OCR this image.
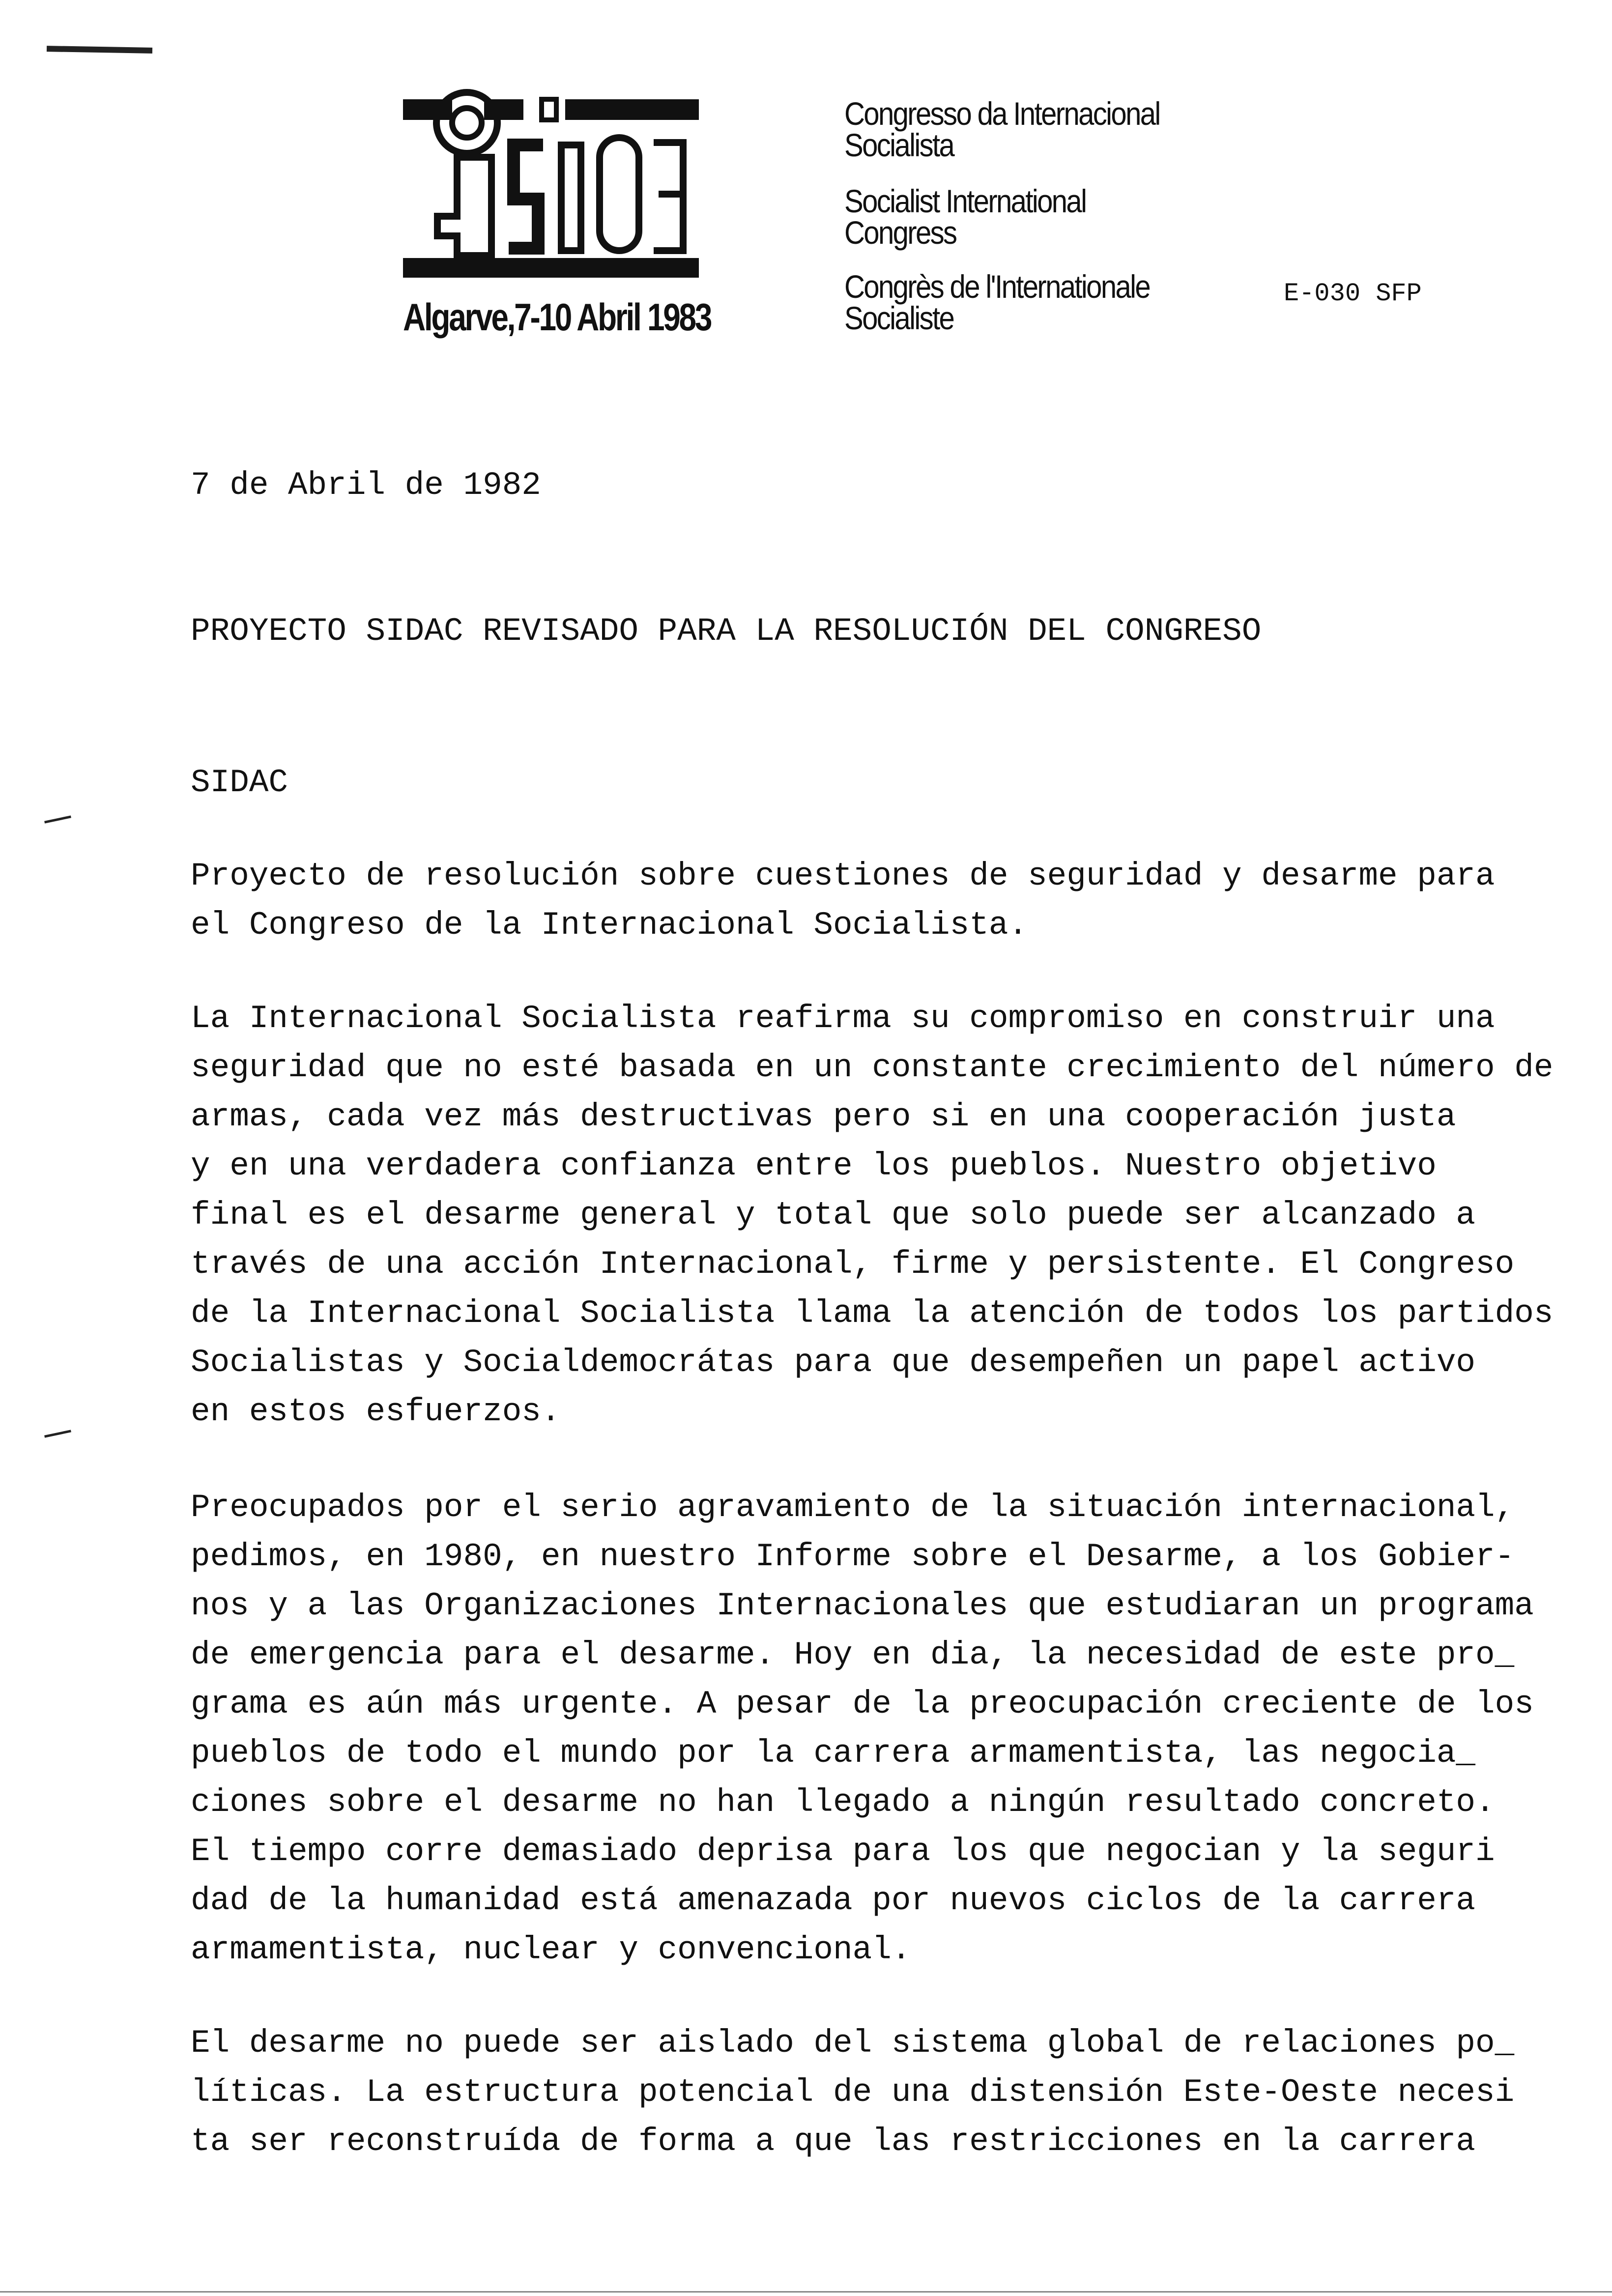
si83
Algarve,7-10 Abril 1983
Congresso da Internacional
Socialista
Socialist International
Congress
Congrès de l'Internationale
Socialiste
E-030 SFP
7 de Abril de 1982
PROYECTO SIDAC REVISADO PARA LA RESOLUCIÓN DEL CONGRESO
SIDAC
Proyecto de resolución sobre cuestiones de seguridad y desarme para
el Congreso de la Internacional Socialista.
La Internacional Socialista reafirma su compromiso en construir una
seguridad que no esté basada en un constante crecimiento del número de
armas, cada vez más destructivas pero si en una cooperación justa
y en una verdadera confianza entre los pueblos. Nuestro objetivo
final es el desarme general y total que solo puede ser alcanzado a
través de una acción Internacional, firme y persistente. El Congreso
de la Internacional Socialista llama la atención de todos los partidos
Socialistas y Socialdemocrátas para que desempeñen un papel activo
en estos esfuerzos.
Preocupados por el serio agravamiento de la situación internacional,
pedimos, en 1980, en nuestro Informe sobre el Desarme, a los Gobier-
nos y a las Organizaciones Internacionales que estudiaran un programa
de emergencia para el desarme. Hoy en dia, la necesidad de este pro_
grama es aún más urgente. A pesar de la preocupación creciente de los
pueblos de todo el mundo por la carrera armamentista, las negocia_
ciones sobre el desarme no han llegado a ningún resultado concreto.
El tiempo corre demasiado deprisa para los que negocian y la seguri
dad de la humanidad está amenazada por nuevos ciclos de la carrera
armamentista, nuclear y convencional.
El desarme no puede ser aislado del sistema global de relaciones po_
líticas. La estructura potencial de una distensión Este-Oeste necesi
ta ser reconstruída de forma a que las restricciones en la carrera
